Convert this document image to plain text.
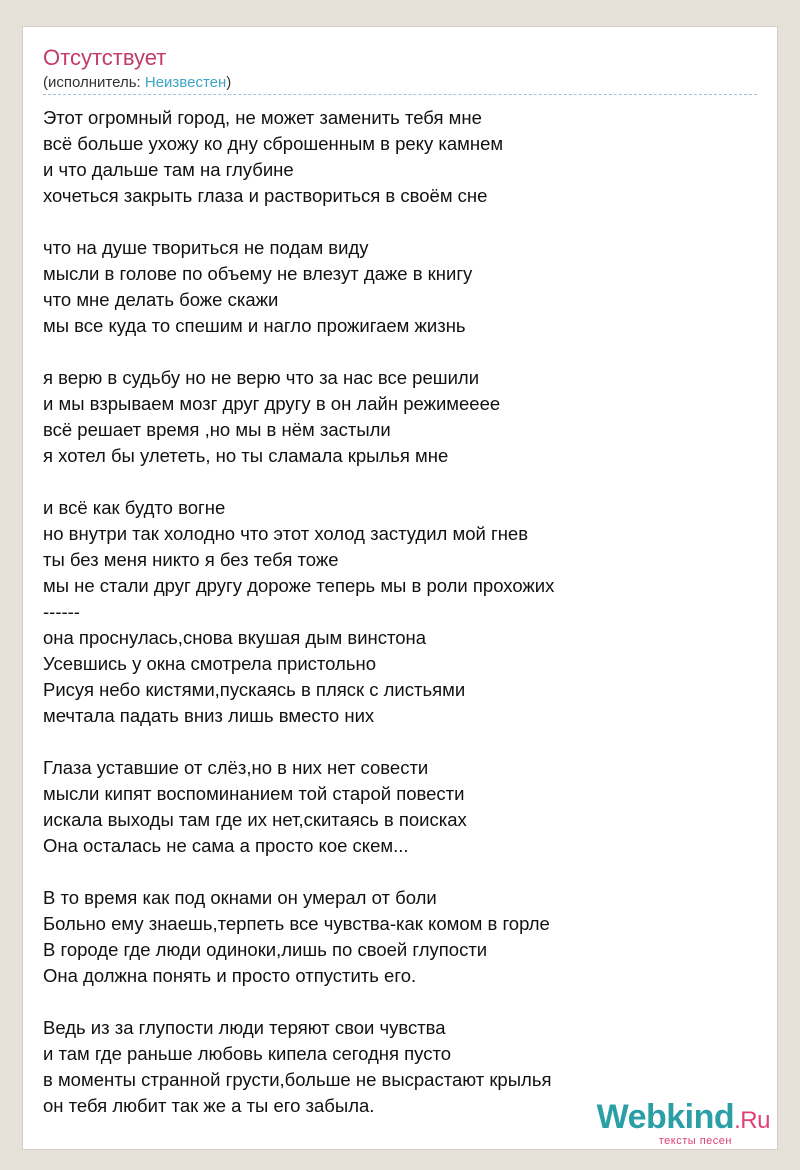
Отсутствует
(исполнитель: Неизвестен)
Этот огромный город, не может заменить тебя мне
всё больше ухожу ко дну сброшенным в реку камнем
и что дальше там на глубине
хочеться закрыть глаза и раствориться в своём сне
что на душе твориться не подам виду
мысли в голове по объему не влезут даже в книгу
что мне делать боже скажи
мы все куда то спешим и нагло прожигаем жизнь
я верю в судьбу но не верю что за нас все решили
и мы взрываем мозг друг другу в он лайн режимееее
всё решает время ,но мы в нём застыли
я хотел бы улететь, но ты сламала крылья мне
и всё как будто вогне
но внутри так холодно что этот холод застудил мой гнев
ты без меня никто я без тебя тоже
мы не стали друг другу дороже теперь мы в роли прохожих
------
она проснулась,снова вкушая дым винстона
Усевшись у окна смотрела пристольно
Рисуя небо кистями,пускаясь в пляск с листьями
мечтала падать вниз лишь вместо них
Глаза уставшие от слёз,но в них нет совести
мысли кипят воспоминанием той старой повести
искала выходы там где их нет,скитаясь в поисках
Она осталась не сама а просто кое скем...
В то время как под окнами он умерал от боли
Больно ему знаешь,терпеть все чувства-как комом в горле
В городе где люди одиноки,лишь по своей глупости
Она должна понять и просто отпустить его.
Ведь из за глупости люди теряют свои чувства
и там где раньше любовь кипела сегодня пусто
в моменты странной грусти,больше не высрастают крылья
он тебя любит так же а ты его забыла.	Webkind.Ru
тексты песен
